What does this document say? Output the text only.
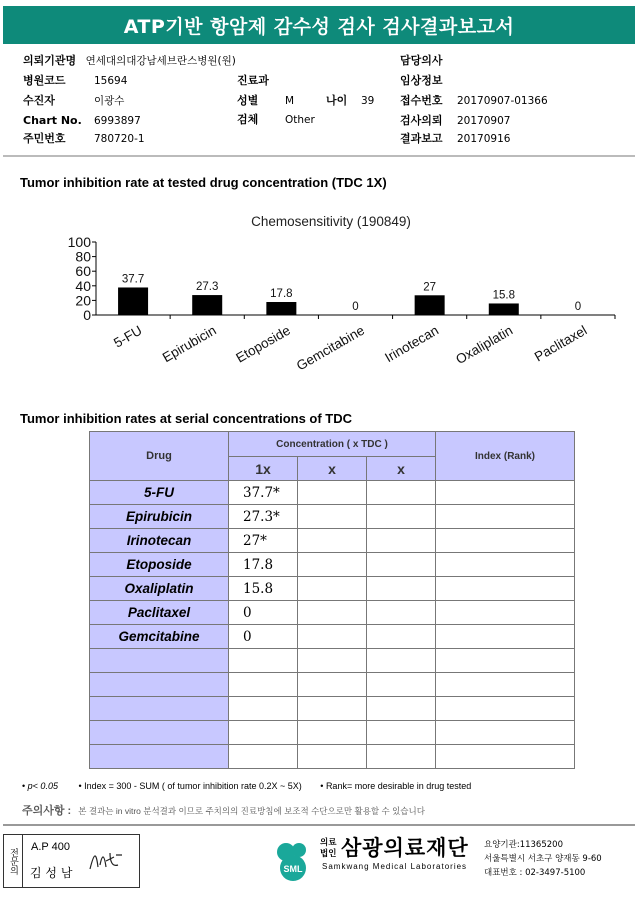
ATP기반 항암제 감수성 검사 검사결과보고서
의뢰기관명 연세대의대강남세브란스병원(원)
병원코드	15694
수진자	이광수
Chart No. 6993897
주민번호	780720-1
진료과
성별	M	나이 39
검체	Other
담당의사
임상정보
접수번호 20170907-01366
검사의뢰 20170907
결과보고 20170916
Tumor inhibition rate at tested drug concentration (TDC 1X)
Chemosensitivity (190849)
0
20
40
60
80
100
37.7
5-FU
27.3
Epirubicin
17.8
Etoposide
0
Gemcitabine
27
Irinotecan
15.8
Oxaliplatin
0
Paclitaxel
Tumor inhibition rates at serial concentrations of TDC
Drug	Concentration ( x TDC )			Index (Rank)
	1x	x	x	
5-FU	37.7*			
Epirubicin	27.3*			
Irinotecan	27*			
Etoposide	17.8			
Oxaliplatin	15.8			
Paclitaxel	0			
Gemcitabine	0			

• p< 0.05 • Index = 300 - SUM ( of tumor inhibition rate 0.2X ~ 5X) • Rank= more desirable in drug tested
주의사항 : 본 결과는 in vitro 분석결과 이므로 주치의의 진료방침에 보조적 수단으로만 활용할 수 있습니다
전문의
A.P 400
김 성 남	SML
의료
법인 삼광의료재단
Samkwang Medical Laboratories
요양기관:11365200
서울특별시 서초구 양재동 9-60
대표번호 : 02-3497-5100
